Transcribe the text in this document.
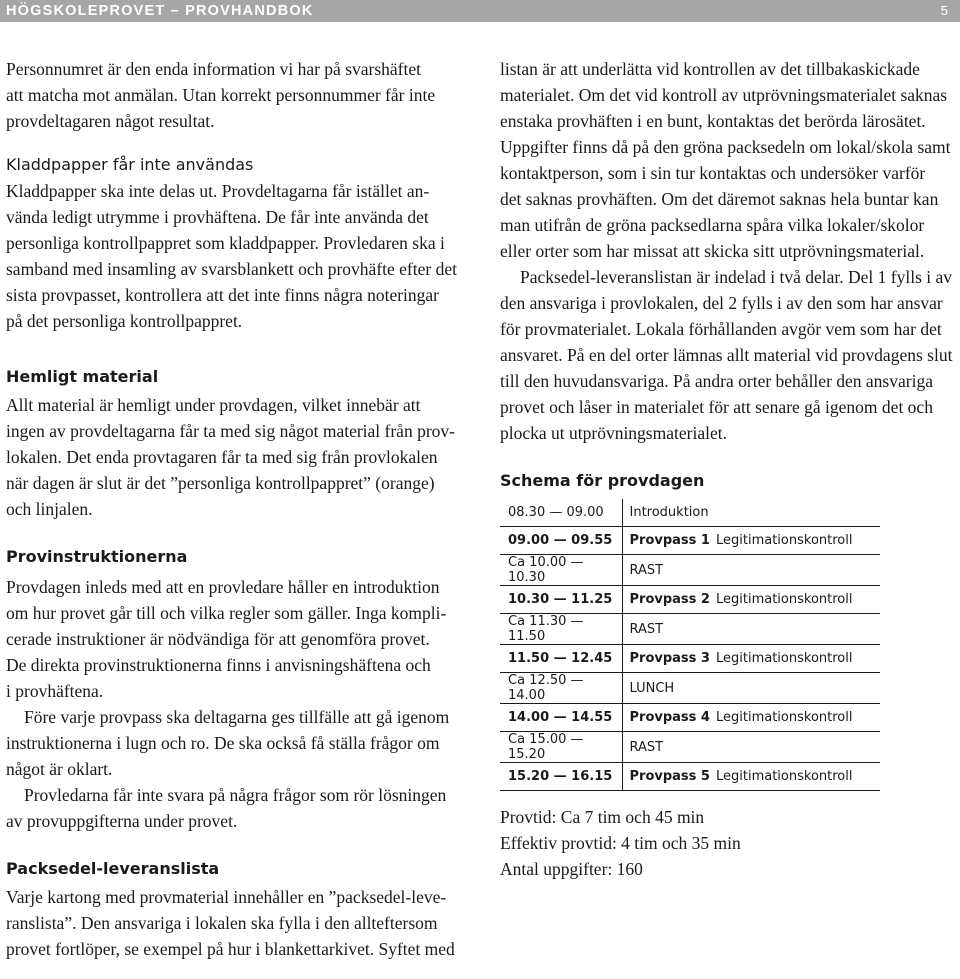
HÖGSKOLEPROVET – PROVHANDBOK	5
Personnumret är den enda information vi har på svarshäftet
att matcha mot anmälan. Utan korrekt personnummer får inte
provdeltagaren något resultat.
Kladdpapper får inte användas
Kladdpapper ska inte delas ut. Provdeltagarna får istället an-
vända ledigt utrymme i provhäftena. De får inte använda det
personliga kontrollpappret som kladdpapper. Provledaren ska i
samband med insamling av svarsblankett och provhäfte efter det
sista provpasset, kontrollera att det inte finns några noteringar
på det personliga kontrollpappret.
Hemligt material
Allt material är hemligt under provdagen, vilket innebär att
ingen av provdeltagarna får ta med sig något material från prov-
lokalen. Det enda provtagaren får ta med sig från provlokalen
när dagen är slut är det ”personliga kontrollpappret” (orange)
och linjalen.
Provinstruktionerna
Provdagen inleds med att en provledare håller en introduktion
om hur provet går till och vilka regler som gäller. Inga kompli-
cerade instruktioner är nödvändiga för att genomföra provet.
De direkta provinstruktionerna finns i anvisningshäftena och
i provhäftena.
Före varje provpass ska deltagarna ges tillfälle att gå igenom
instruktionerna i lugn och ro. De ska också få ställa frågor om
något är oklart.
Provledarna får inte svara på några frågor som rör lösningen
av provuppgifterna under provet.
Packsedel-leveranslista
Varje kartong med provmaterial innehåller en ”packsedel-leve-
ranslista”. Den ansvariga i lokalen ska fylla i den allteftersom
provet fortlöper, se exempel på hur i blankettarkivet. Syftet med
listan är att underlätta vid kontrollen av det tillbakaskickade
materialet. Om det vid kontroll av utprövningsmaterialet saknas
enstaka provhäften i en bunt, kontaktas det berörda lärosätet.
Uppgifter finns då på den gröna packsedeln om lokal/skola samt
kontaktperson, som i sin tur kontaktas och undersöker varför
det saknas provhäften. Om det däremot saknas hela buntar kan
man utifrån de gröna packsedlarna spåra vilka lokaler/skolor
eller orter som har missat att skicka sitt utprövningsmaterial.
Packsedel-leveranslistan är indelad i två delar. Del 1 fylls i av
den ansvariga i provlokalen, del 2 fylls i av den som har ansvar
för provmaterialet. Lokala förhållanden avgör vem som har det
ansvaret. På en del orter lämnas allt material vid provdagens slut
till den huvudansvariga. På andra orter behåller den ansvariga
provet och låser in materialet för att senare gå igenom det och
plocka ut utprövningsmaterialet.
Schema för provdagen
Provtid: Ca 7 tim och 45 min
Effektiv provtid: 4 tim och 35 min
Antal uppgifter: 160
08.30 — 09.00	Introduktion
09.00 — 09.55	Provpass 1 Legitimationskontroll
Ca 10.00 — 10.30	RAST
10.30 — 11.25	Provpass 2 Legitimationskontroll
Ca 11.30 — 11.50	RAST
11.50 — 12.45	Provpass 3 Legitimationskontroll
Ca 12.50 — 14.00	LUNCH
14.00 — 14.55	Provpass 4 Legitimationskontroll
Ca 15.00 — 15.20	RAST
15.20 — 16.15	Provpass 5 Legitimationskontroll
